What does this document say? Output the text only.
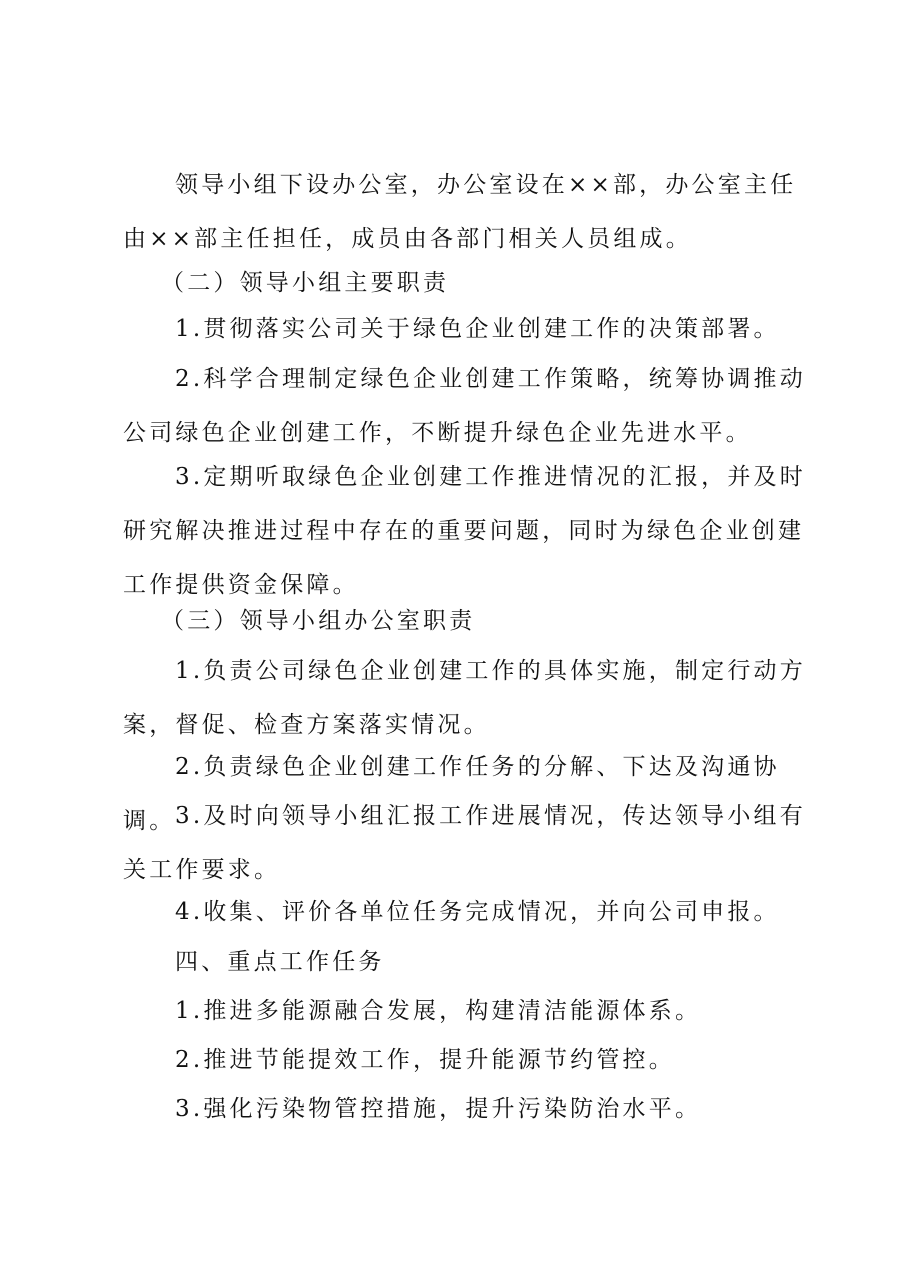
领导小组下设办公室，办公室设在××部，办公室主任由××部主任担任，成员由各部门相关人员组成。

（二）领导小组主要职责

1.贯彻落实公司关于绿色企业创建工作的决策部署。

2.科学合理制定绿色企业创建工作策略，统筹协调推动公司绿色企业创建工作，不断提升绿色企业先进水平。

3.定期听取绿色企业创建工作推进情况的汇报，并及时研究解决推进过程中存在的重要问题，同时为绿色企业创建工作提供资金保障。

（三）领导小组办公室职责

1.负责公司绿色企业创建工作的具体实施，制定行动方案，督促、检查方案落实情况。

2.负责绿色企业创建工作任务的分解、下达及沟通协调。 3.及时向领导小组汇报工作进展情况，传达领导小组有关工作要求。

4.收集、评价各单位任务完成情况，并向公司申报。

四、重点工作任务

1.推进多能源融合发展，构建清洁能源体系。

2.推进节能提效工作，提升能源节约管控。

3.强化污染物管控措施，提升污染防治水平。
